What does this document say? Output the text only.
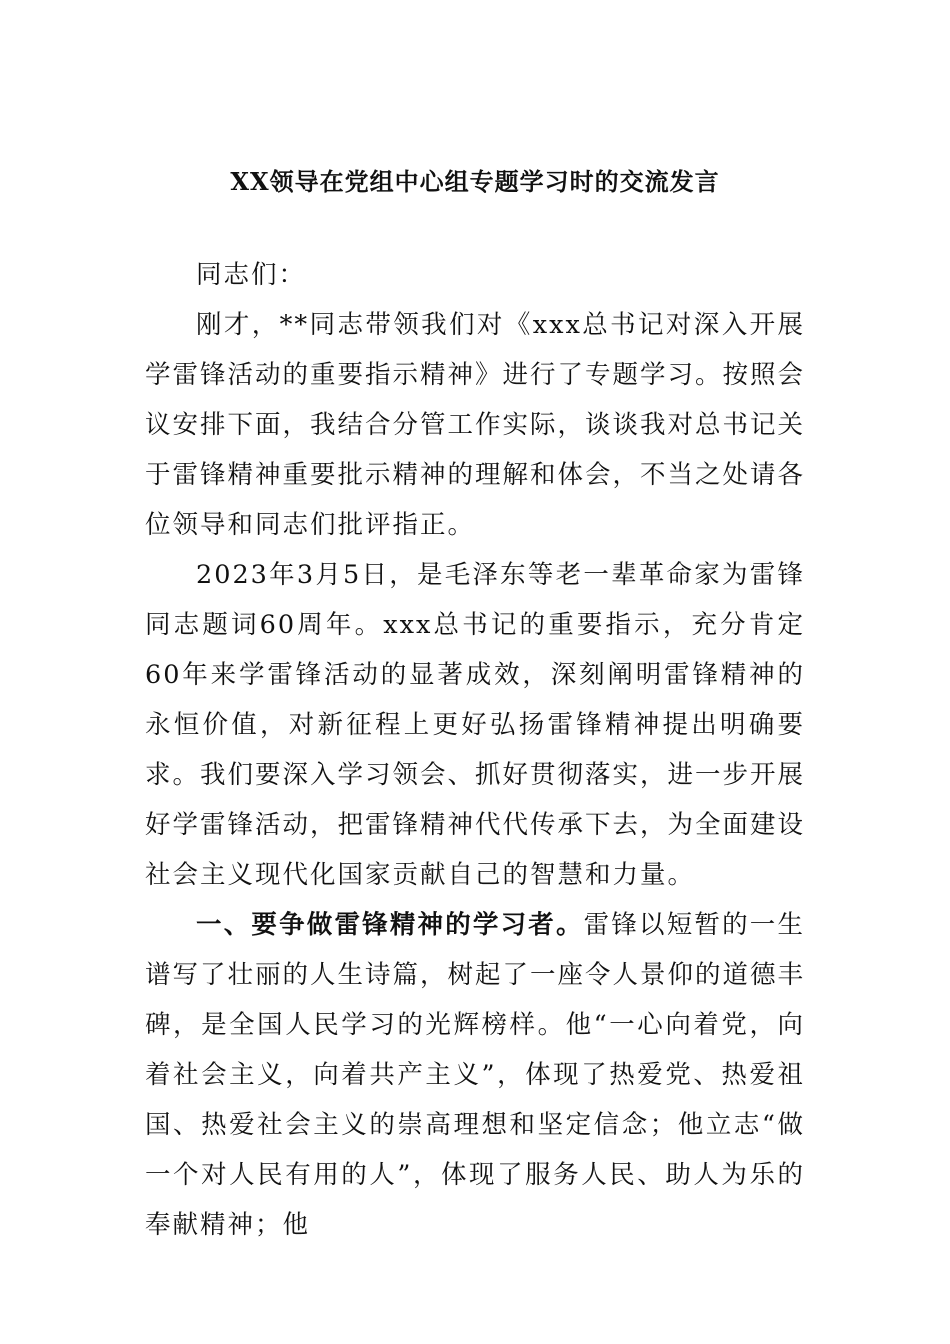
XX领导在党组中心组专题学习时的交流发言

同志们：

刚才，**同志带领我们对《xxx总书记对深入开展学雷锋活动的重要指示精神》进行了专题学习。按照会议安排下面，我结合分管工作实际，谈谈我对总书记关于雷锋精神重要批示精神的理解和体会，不当之处请各位领导和同志们批评指正。

2023年3月5日，是毛泽东等老一辈革命家为雷锋同志题词60周年。xxx总书记的重要指示，充分肯定60年来学雷锋活动的显著成效，深刻阐明雷锋精神的永恒价值，对新征程上更好弘扬雷锋精神提出明确要求。我们要深入学习领会、抓好贯彻落实，进一步开展好学雷锋活动，把雷锋精神代代传承下去，为全面建设社会主义现代化国家贡献自己的智慧和力量。

一、要争做雷锋精神的学习者。雷锋以短暂的一生谱写了壮丽的人生诗篇，树起了一座令人景仰的道德丰碑，是全国人民学习的光辉榜样。他“一心向着党，向着社会主义，向着共产主义”，体现了热爱党、热爱祖国、热爱社会主义的崇高理想和坚定信念；他立志“做一个对人民有用的人”，体现了服务人民、助人为乐的奉献精神；他
